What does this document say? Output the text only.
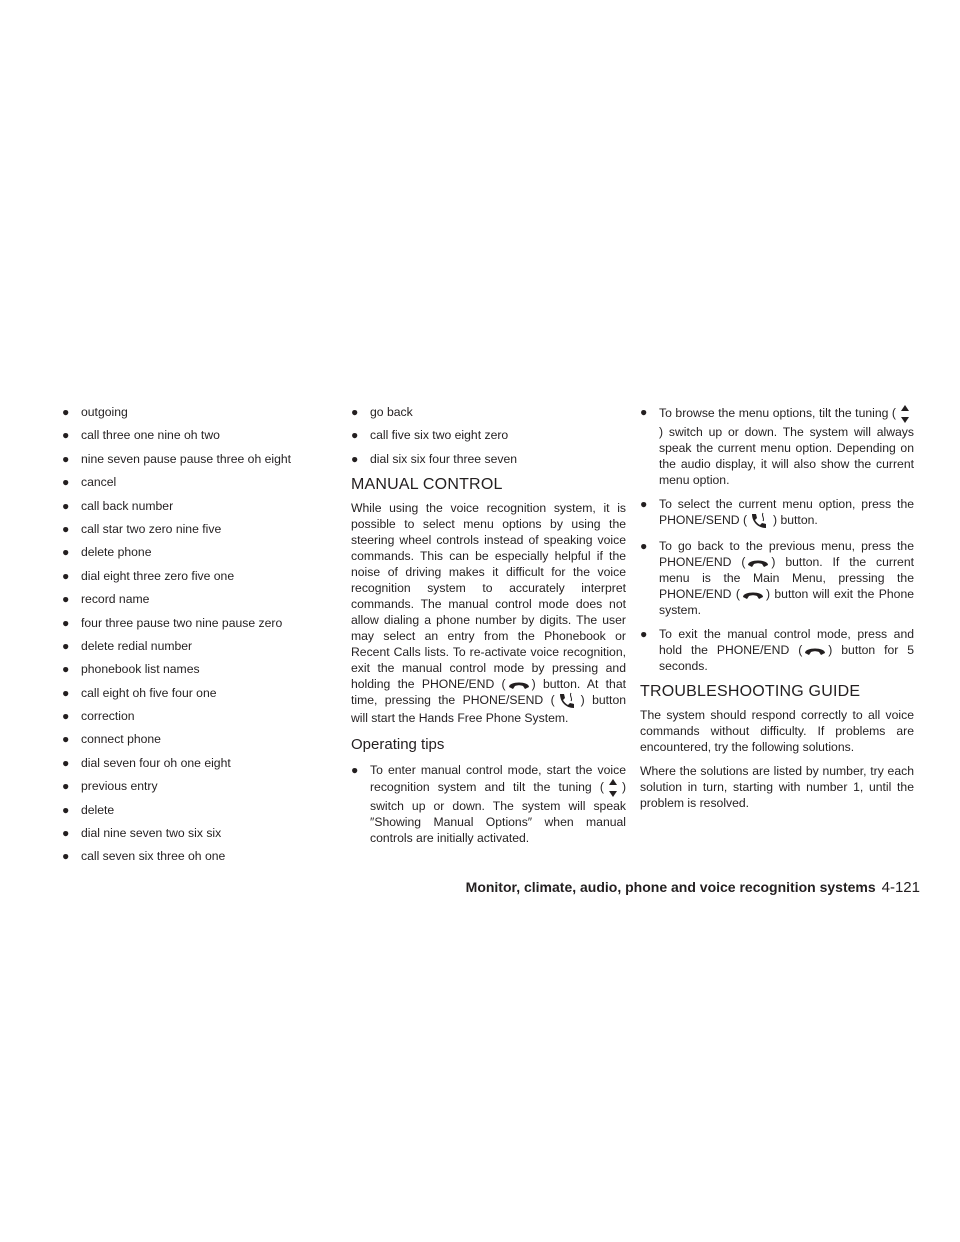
● outgoing
● call three one nine oh two
● nine seven pause pause three oh eight
● cancel
● call back number
● call star two zero nine five
● delete phone
● dial eight three zero five one
● record name
● four three pause two nine pause zero
● delete redial number
● phonebook list names
● call eight oh five four one
● correction
● connect phone
● dial seven four oh one eight
● previous entry
● delete
● dial nine seven two six six
● call seven six three oh one
● go back
● call five six two eight zero
● dial six six four three seven
MANUAL CONTROL

While using the voice recognition system, it is possible to select menu options by using the steering wheel controls instead of speaking voice commands. This can be especially helpful if the noise of driving makes it difficult for the voice recognition system to accurately interpret commands. The manual control mode does not allow dialing a phone number by digits. The user may select an entry from the Phonebook or Recent Calls lists. To re-activate voice recognition, exit the manual control mode by pressing and holding the PHONE/END ( ) button. At that time, pressing the PHONE/SEND ( ) button will start the Hands Free Phone System.

Operating tips
● To enter manual control mode, start the voice recognition system and tilt the tuning ( ) switch up or down. The system will speak ″Showing Manual Options″ when manual controls are initially activated.
● To browse the menu options, tilt the tuning (
) switch up or down. The system will always speak the current menu option. Depending on the audio display, it will also show the current menu option.
● To select the current menu option, press the PHONE/SEND ( ) button.
● To go back to the previous menu, press the PHONE/END ( ) button. If the current menu is the Main Menu, pressing the PHONE/END ( ) button will exit the Phone system.
● To exit the manual control mode, press and hold the PHONE/END ( ) button for 5 seconds.
TROUBLESHOOTING GUIDE

The system should respond correctly to all voice commands without difficulty. If problems are encountered, try the following solutions.

Where the solutions are listed by number, try each solution in turn, starting with number 1, until the problem is resolved.

Monitor, climate, audio, phone and voice recognition systems 4-121
